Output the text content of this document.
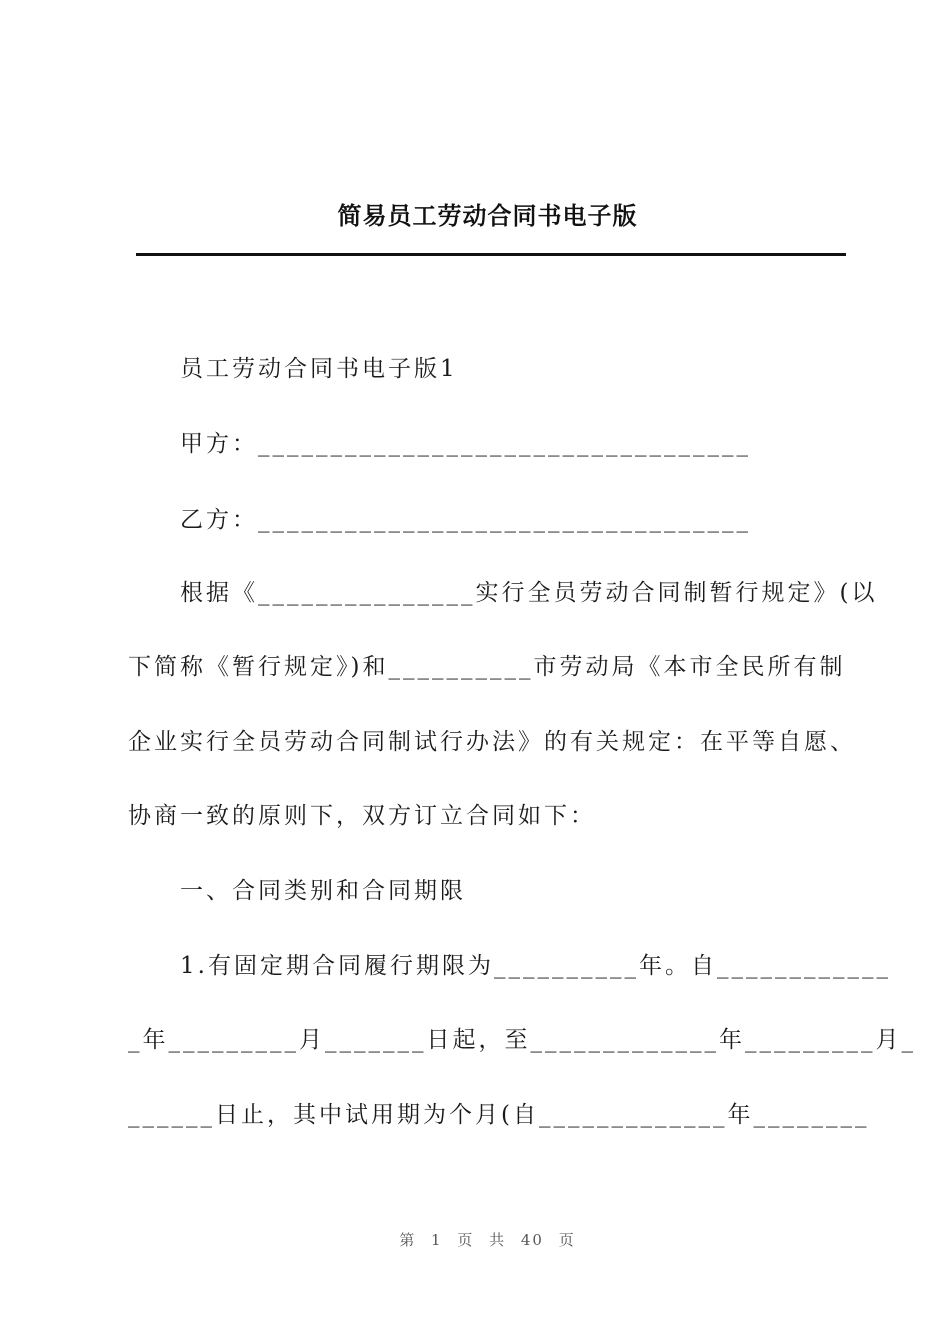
简易员工劳动合同书电子版
员工劳动合同书电子版1
甲方：__________________________________
乙方：__________________________________
根据《_______________实行全员劳动合同制暂行规定》(以
下简称《暂行规定》)和__________市劳动局《本市全民所有制
企业实行全员劳动合同制试行办法》的有关规定：在平等自愿、
协商一致的原则下，双方订立合同如下：
一、合同类别和合同期限
1.有固定期合同履行期限为__________年。自____________
_年_________月_______日起，至_____________年_________月_
______日止，其中试用期为个月(自_____________年________
第 1 页 共 40 页
